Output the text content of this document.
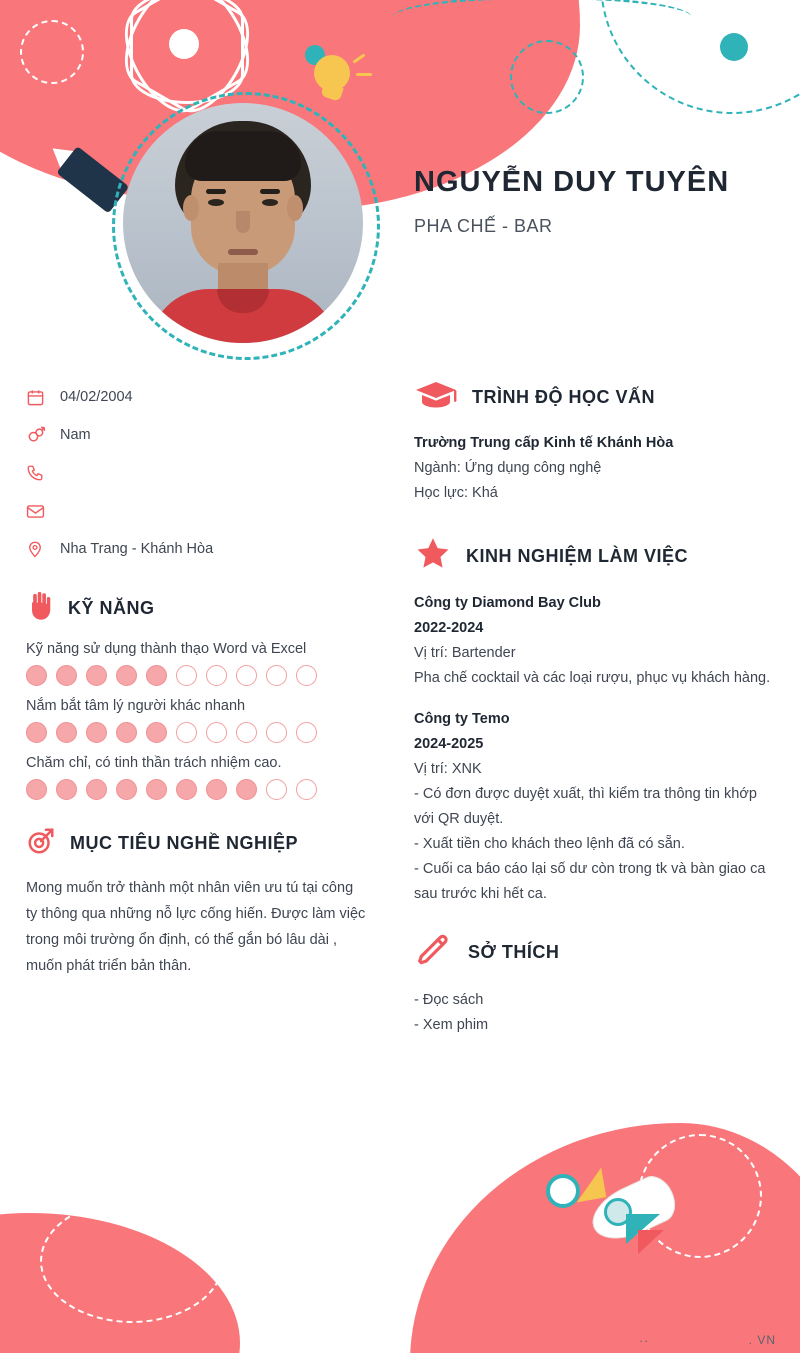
NGUYỄN DUY TUYÊN
PHA CHẾ - BAR
04/02/2004
Nam
Nha Trang - Khánh Hòa
KỸ NĂNG
Kỹ năng sử dụng thành thạo Word và Excel
Nắm bắt tâm lý người khác nhanh
Chăm chỉ, có tinh thần trách nhiệm cao.
MỤC TIÊU NGHỀ NGHIỆP
Mong muốn trở thành một nhân viên ưu tú tại công ty thông qua những nỗ lực cống hiến. Được làm việc trong môi trường ổn định, có thể gắn bó lâu dài , muốn phát triển bản thân.
TRÌNH ĐỘ HỌC VẤN
Trường Trung cấp Kinh tế Khánh Hòa
Ngành: Ứng dụng công nghệ
Học lực: Khá
KINH NGHIỆM LÀM VIỆC
Công ty Diamond Bay Club
2022-2024
Vị trí: Bartender
Pha chế cocktail và các loại rượu, phục vụ khách hàng.
Công ty Temo
2024-2025
Vị trí: XNK
- Có đơn được duyệt xuất, thì kiểm tra thông tin khớp với QR duyệt.
- Xuất tiền cho khách theo lệnh đã có sẵn.
- Cuối ca báo cáo lại số dư còn trong tk và bàn giao ca sau trước khi hết ca.
SỞ THÍCH
- Đọc sách
- Xem phim
..	. VN
